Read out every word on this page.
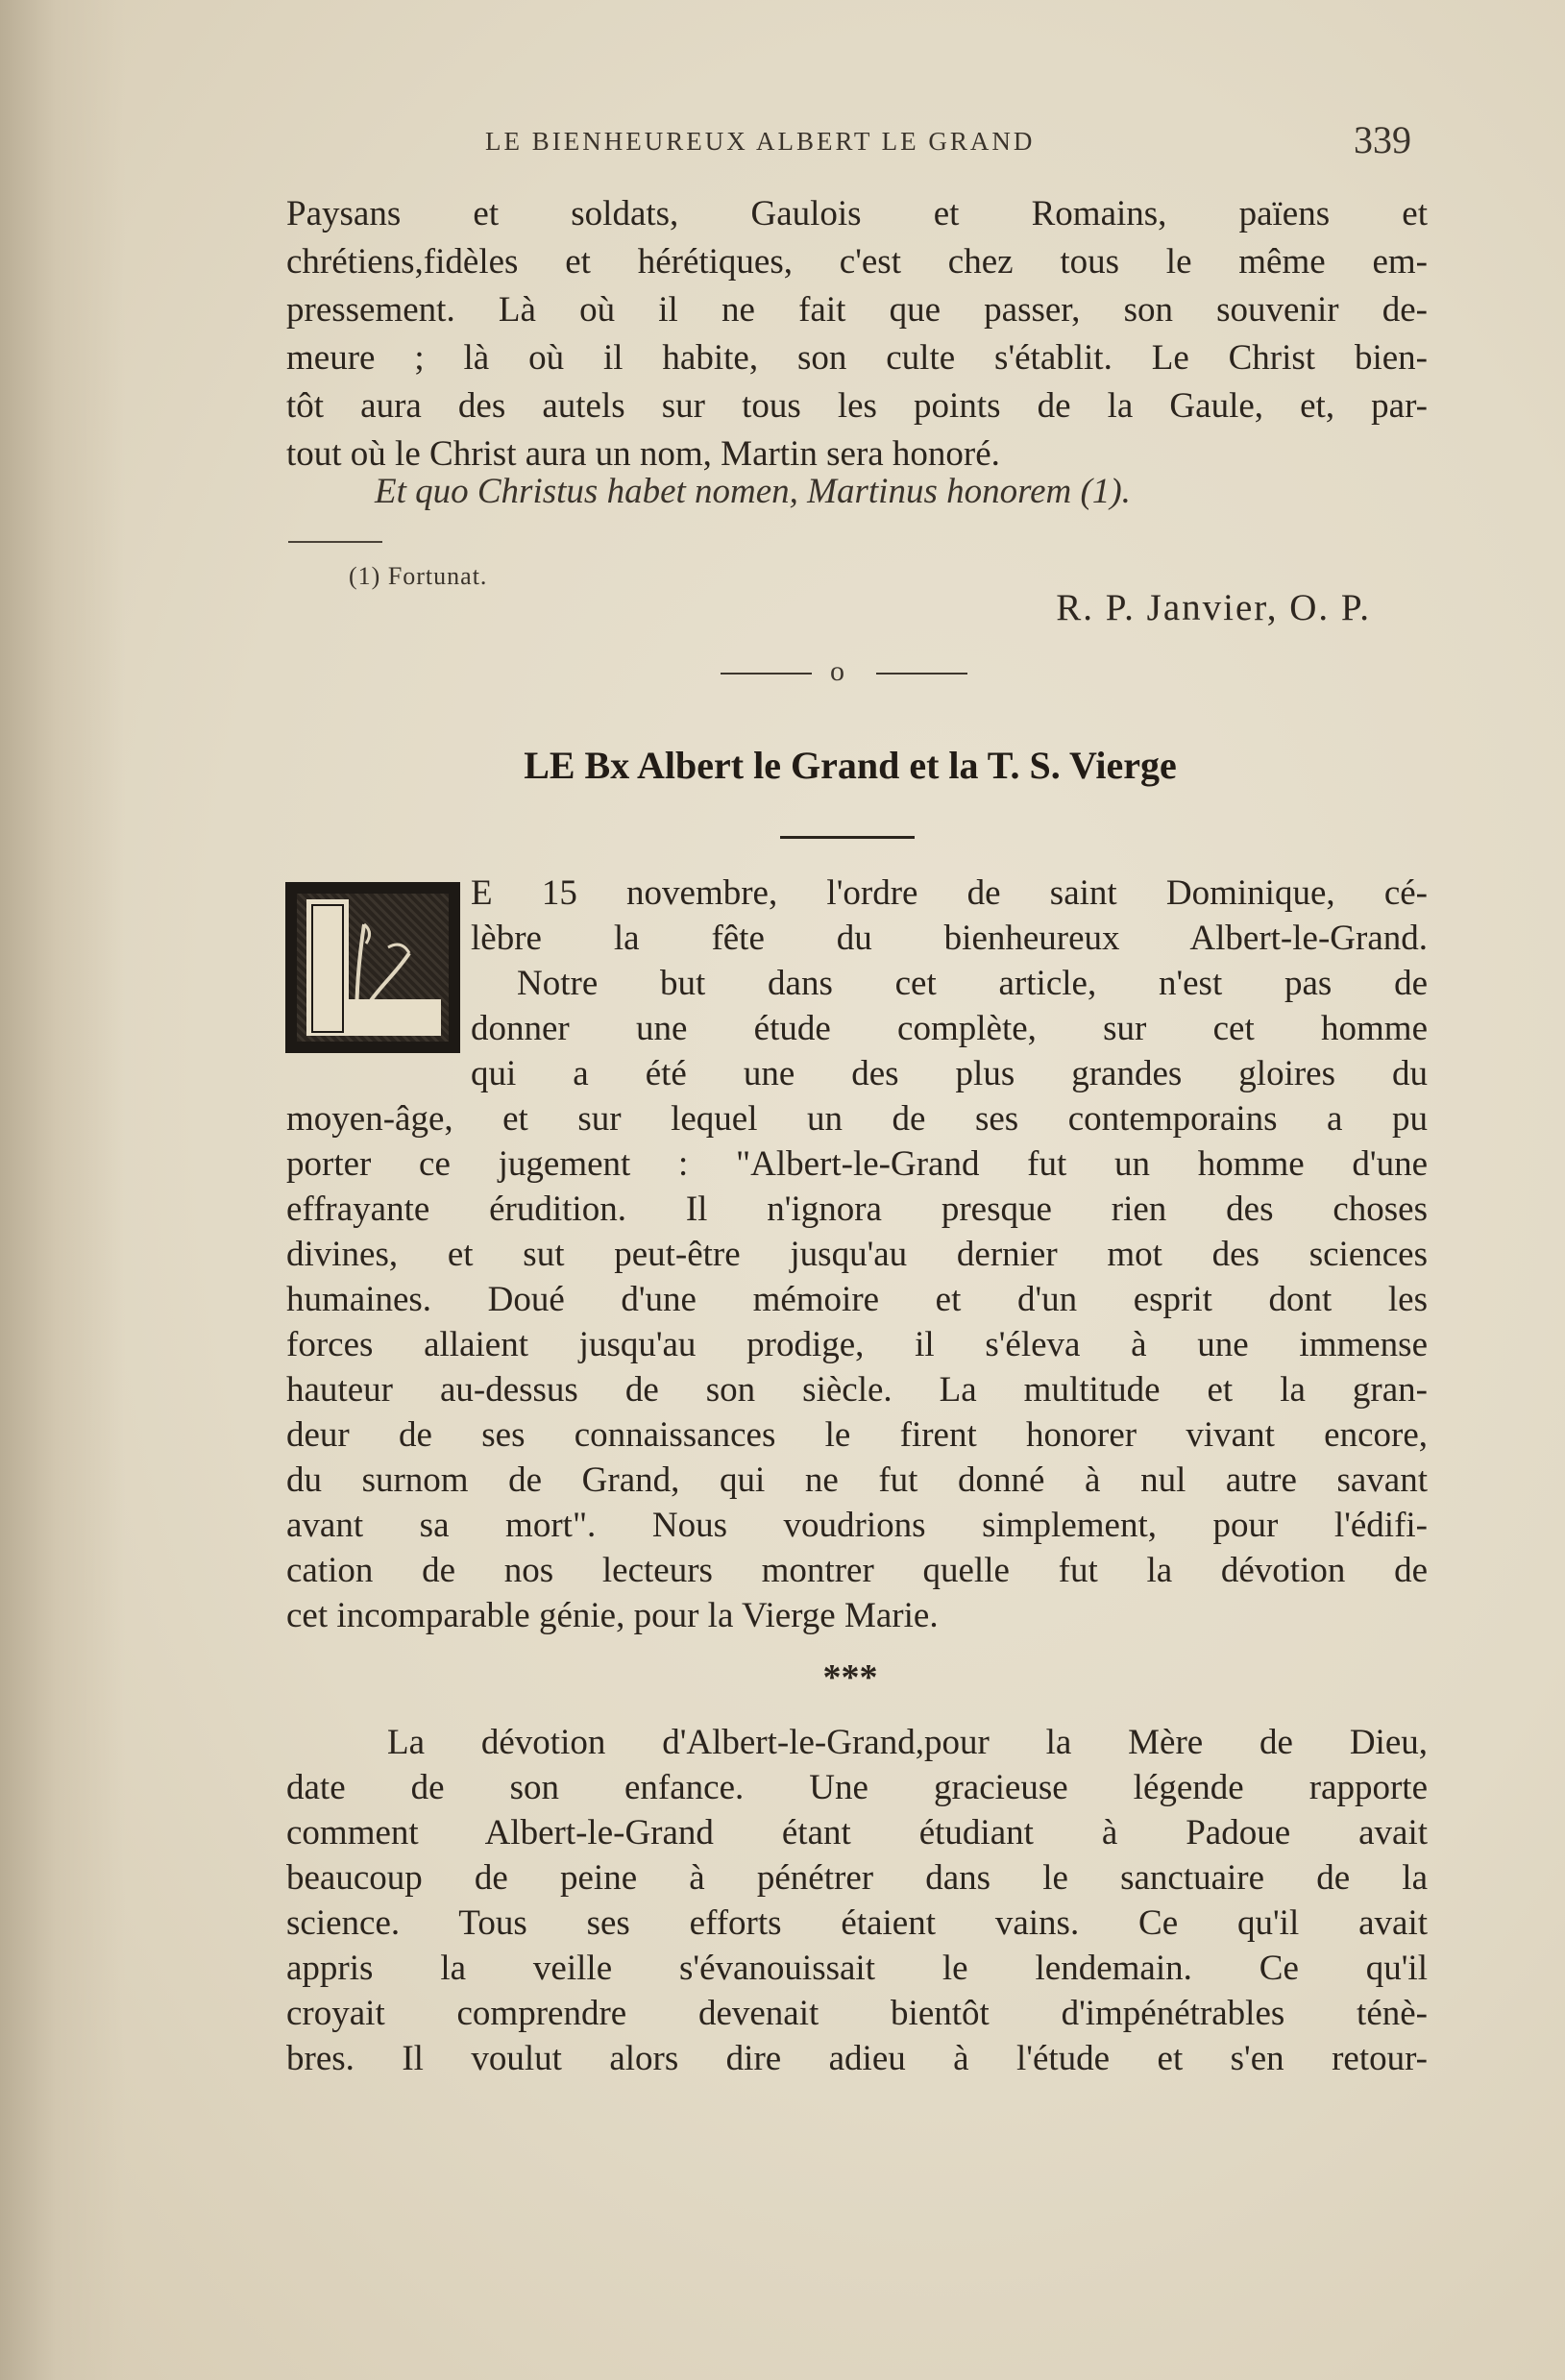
LE BIENHEUREUX ALBERT LE GRAND	339
Paysans et soldats, Gaulois et Romains, païens et
chrétiens,fidèles et hérétiques, c'est chez tous le même em-
pressement. Là où il ne fait que passer, son souvenir de-
meure ; là où il habite, son culte s'établit. Le Christ bien-
tôt aura des autels sur tous les points de la Gaule, et, par-
tout où le Christ aura un nom, Martin sera honoré.
Et quo Christus habet nomen, Martinus honorem (1).
(1) Fortunat.
R. P. Janvier, O. P.
o
LE Bx Albert le Grand et la T. S. Vierge
E 15 novembre, l'ordre de saint Dominique, cé-
lèbre la fête du bienheureux Albert-le-Grand.
Notre but dans cet article, n'est pas de
donner une étude complète, sur cet homme
qui a été une des plus grandes gloires du
moyen-âge, et sur lequel un de ses contemporains a pu
porter ce jugement : "Albert-le-Grand fut un homme d'une
effrayante érudition. Il n'ignora presque rien des choses
divines, et sut peut-être jusqu'au dernier mot des sciences
humaines. Doué d'une mémoire et d'un esprit dont les
forces allaient jusqu'au prodige, il s'éleva à une immense
hauteur au-dessus de son siècle. La multitude et la gran-
deur de ses connaissances le firent honorer vivant encore,
du surnom de Grand, qui ne fut donné à nul autre savant
avant sa mort". Nous voudrions simplement, pour l'édifi-
cation de nos lecteurs montrer quelle fut la dévotion de
cet incomparable génie, pour la Vierge Marie.
***
La dévotion d'Albert-le-Grand,pour la Mère de Dieu,
date de son enfance. Une gracieuse légende rapporte
comment Albert-le-Grand étant étudiant à Padoue avait
beaucoup de peine à pénétrer dans le sanctuaire de la
science. Tous ses efforts étaient vains. Ce qu'il avait
appris la veille s'évanouissait le lendemain. Ce qu'il
croyait comprendre devenait bientôt d'impénétrables ténè-
bres. Il voulut alors dire adieu à l'étude et s'en retour-
